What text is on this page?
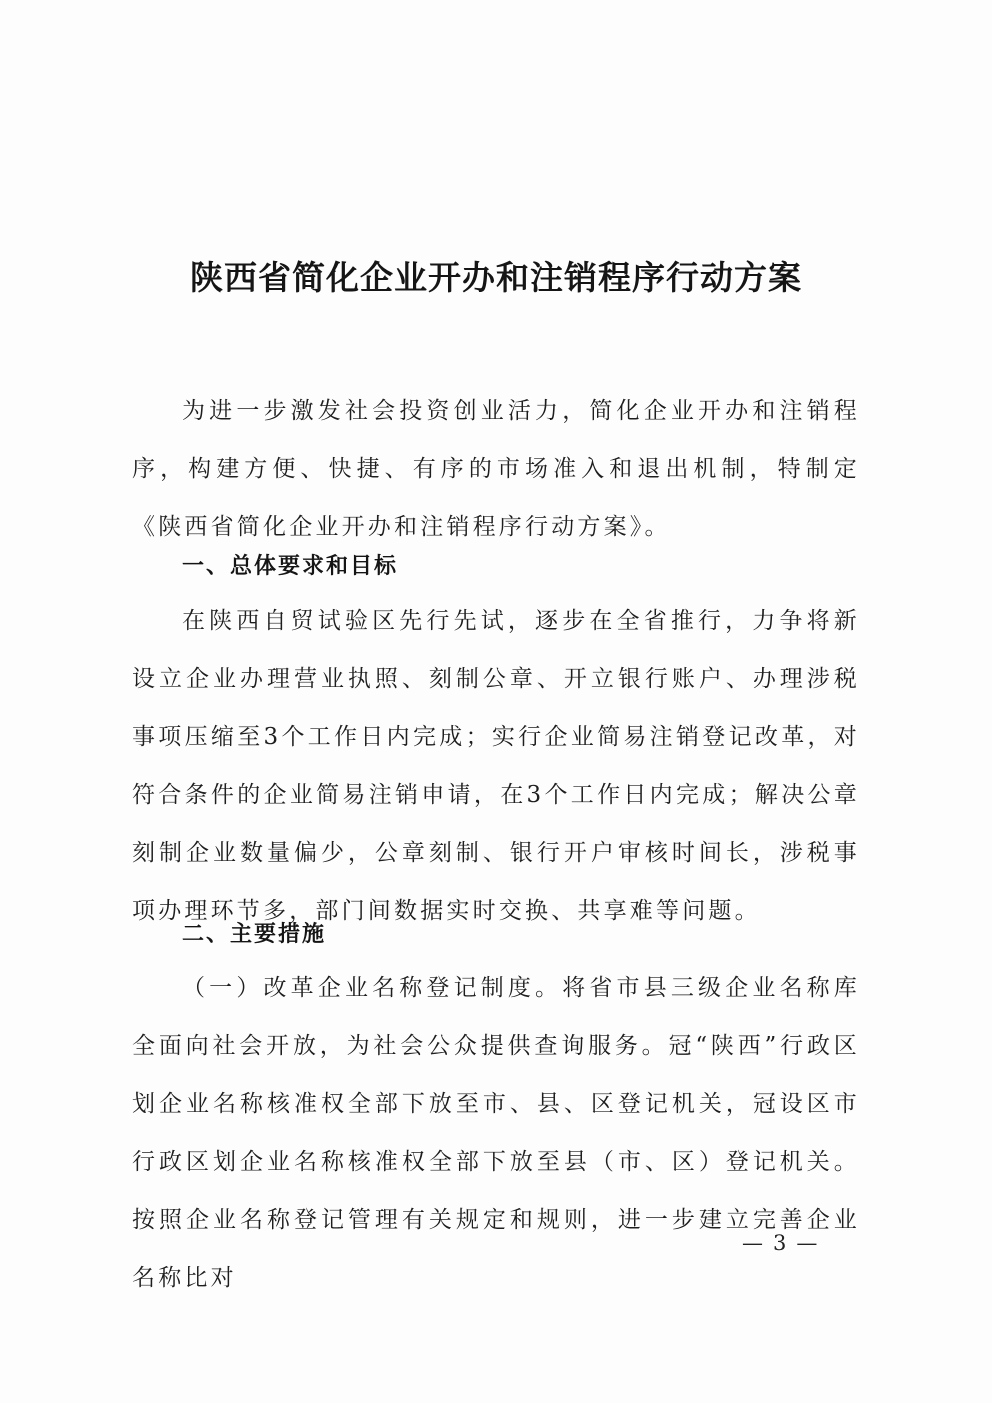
陕西省简化企业开办和注销程序行动方案

为进一步激发社会投资创业活力，简化企业开办和注销程序，构建方便、快捷、有序的市场准入和退出机制，特制定《陕西省简化企业开办和注销程序行动方案》。

一、总体要求和目标

在陕西自贸试验区先行先试，逐步在全省推行，力争将新设立企业办理营业执照、刻制公章、开立银行账户、办理涉税事项压缩至3个工作日内完成；实行企业简易注销登记改革，对符合条件的企业简易注销申请，在3个工作日内完成；解决公章刻制企业数量偏少，公章刻制、银行开户审核时间长，涉税事项办理环节多，部门间数据实时交换、共享难等问题。

二、主要措施

（一）改革企业名称登记制度。将省市县三级企业名称库全面向社会开放，为社会公众提供查询服务。冠“陕西”行政区划企业名称核准权全部下放至市、县、区登记机关，冠设区市行政区划企业名称核准权全部下放至县（市、区）登记机关。按照企业名称登记管理有关规定和规则，进一步建立完善企业名称比对

— 3 —
